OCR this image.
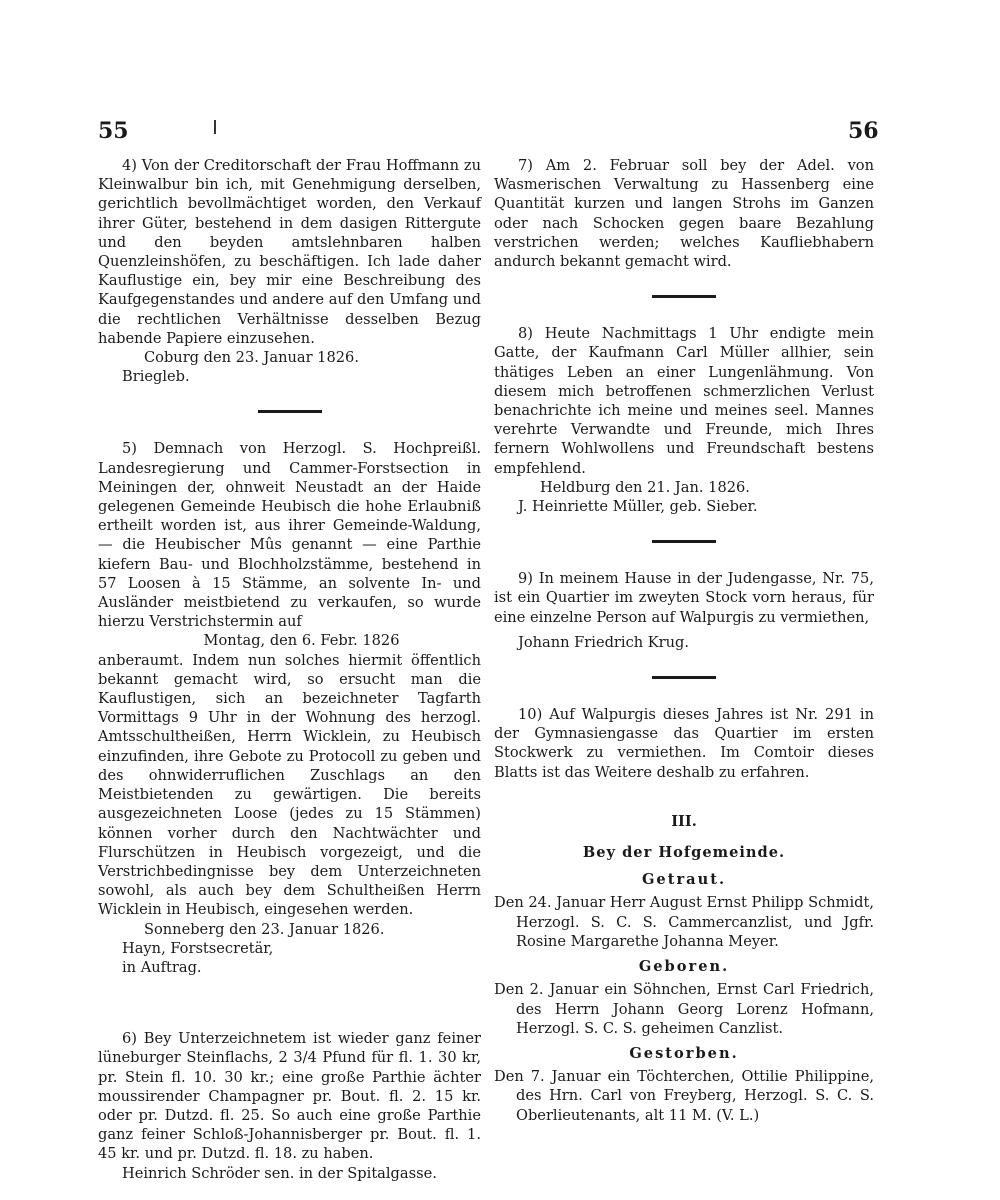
55	56

4) Von der Creditorschaft der Frau Hoffmann zu Kleinwalbur bin ich, mit Genehmigung derselben, gerichtlich bevollmächtiget worden, den Verkauf ihrer Güter, bestehend in dem dasigen Rittergute und den beyden amtslehnbaren halben Quenzleinshöfen, zu beschäftigen. Ich lade daher Kauflustige ein, bey mir eine Beschreibung des Kaufgegenstandes und andere auf den Umfang und die rechtlichen Verhältnisse desselben Bezug habende Papiere einzusehen.

Coburg den 23. Januar 1826.

Briegleb.

5) Demnach von Herzogl. S. Hochpreißl. Landesregierung und Cammer-Forstsection in Meiningen der, ohnweit Neustadt an der Haide gelegenen Gemeinde Heubisch die hohe Erlaubniß ertheilt worden ist, aus ihrer Gemeinde-Waldung, — die Heubischer Mûs genannt — eine Parthie kiefern Bau- und Blochholzstämme, bestehend in 57 Loosen à 15 Stämme, an solvente In- und Ausländer meistbietend zu verkaufen, so wurde hierzu Verstrichstermin auf

Montag, den 6. Febr. 1826

anberaumt. Indem nun solches hiermit öffentlich bekannt gemacht wird, so ersucht man die Kauflustigen, sich an bezeichneter Tagfarth Vormittags 9 Uhr in der Wohnung des herzogl. Amtsschultheißen, Herrn Wicklein, zu Heubisch einzufinden, ihre Gebote zu Protocoll zu geben und des ohnwiderruflichen Zuschlags an den Meistbietenden zu gewärtigen. Die bereits ausgezeichneten Loose (jedes zu 15 Stämmen) können vorher durch den Nachtwächter und Flurschützen in Heubisch vorgezeigt, und die Verstrichbedingnisse bey dem Unterzeichneten sowohl, als auch bey dem Schultheißen Herrn Wicklein in Heubisch, eingesehen werden.

Sonneberg den 23. Januar 1826.

Hayn, Forstsecretär,

in Auftrag.

6) Bey Unterzeichnetem ist wieder ganz feiner lüneburger Steinflachs, 2 3/4 Pfund für fl. 1. 30 kr, pr. Stein fl. 10. 30 kr.; eine große Parthie ächter moussirender Champagner pr. Bout. fl. 2. 15 kr. oder pr. Dutzd. fl. 25. So auch eine große Parthie ganz feiner Schloß-Johannisberger pr. Bout. fl. 1. 45 kr. und pr. Dutzd. fl. 18. zu haben.

Heinrich Schröder sen. in der Spitalgasse.

7) Am 2. Februar soll bey der Adel. von Wasmerischen Verwaltung zu Hassenberg eine Quantität kurzen und langen Strohs im Ganzen oder nach Schocken gegen baare Bezahlung verstrichen werden; welches Kaufliebhabern andurch bekannt gemacht wird.

8) Heute Nachmittags 1 Uhr endigte mein Gatte, der Kaufmann Carl Müller allhier, sein thätiges Leben an einer Lungenlähmung. Von diesem mich betroffenen schmerzlichen Verlust benachrichte ich meine und meines seel. Mannes verehrte Verwandte und Freunde, mich Ihres fernern Wohlwollens und Freundschaft bestens empfehlend.

Heldburg den 21. Jan. 1826.

J. Heinriette Müller, geb. Sieber.

9) In meinem Hause in der Judengasse, Nr. 75, ist ein Quartier im zweyten Stock vorn heraus, für eine einzelne Person auf Walpurgis zu vermiethen,

Johann Friedrich Krug.

10) Auf Walpurgis dieses Jahres ist Nr. 291 in der Gymnasiengasse das Quartier im ersten Stockwerk zu vermiethen. Im Comtoir dieses Blatts ist das Weitere deshalb zu erfahren.

III.
Bey der Hofgemeinde.
Getraut.

Den 24. Januar Herr August Ernst Philipp Schmidt, Herzogl. S. C. S. Cammercanzlist, und Jgfr. Rosine Margarethe Johanna Meyer.

Geboren.

Den 2. Januar ein Söhnchen, Ernst Carl Friedrich, des Herrn Johann Georg Lorenz Hofmann, Herzogl. S. C. S. geheimen Canzlist.

Gestorben.

Den 7. Januar ein Töchterchen, Ottilie Philippine, des Hrn. Carl von Freyberg, Herzogl. S. C. S. Oberlieutenants, alt 11 M. (V. L.)
